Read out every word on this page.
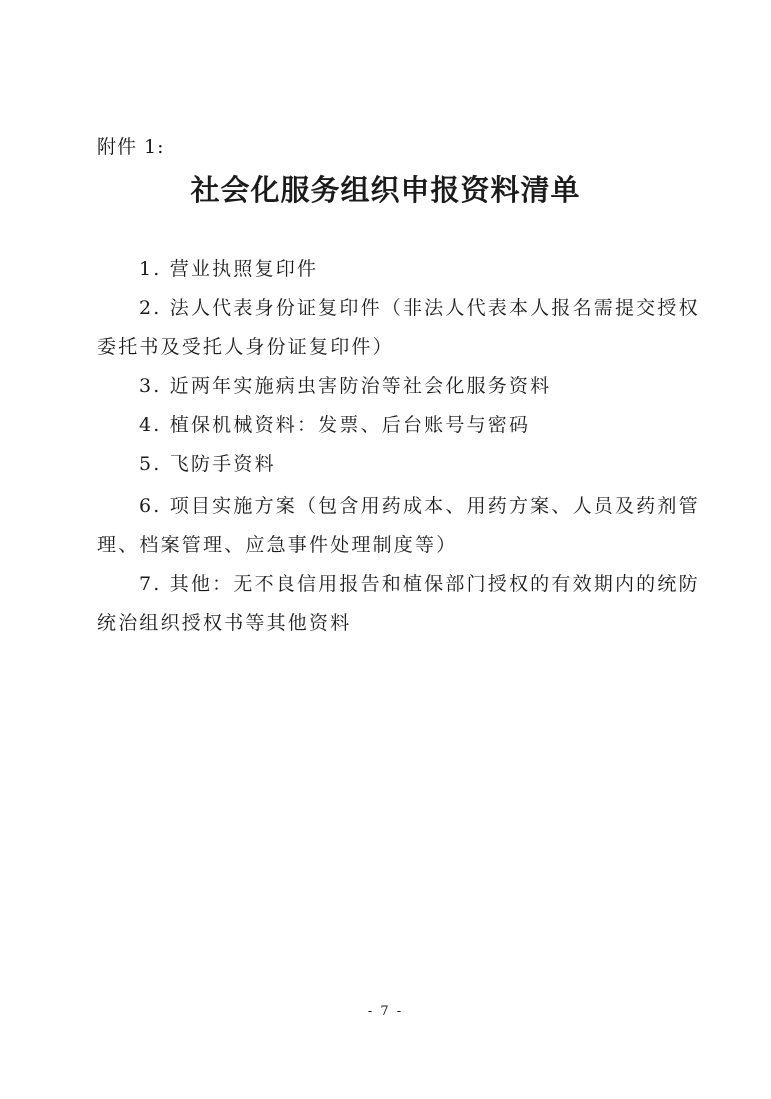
附件 1:
社会化服务组织申报资料清单
1. 营业执照复印件
2. 法人代表身份证复印件（非法人代表本人报名需提交授权
委托书及受托人身份证复印件）
3. 近两年实施病虫害防治等社会化服务资料
4. 植保机械资料：发票、后台账号与密码
5. 飞防手资料
6. 项目实施方案（包含用药成本、用药方案、人员及药剂管
理、档案管理、应急事件处理制度等）
7. 其他：无不良信用报告和植保部门授权的有效期内的统防
统治组织授权书等其他资料
- 7 -
